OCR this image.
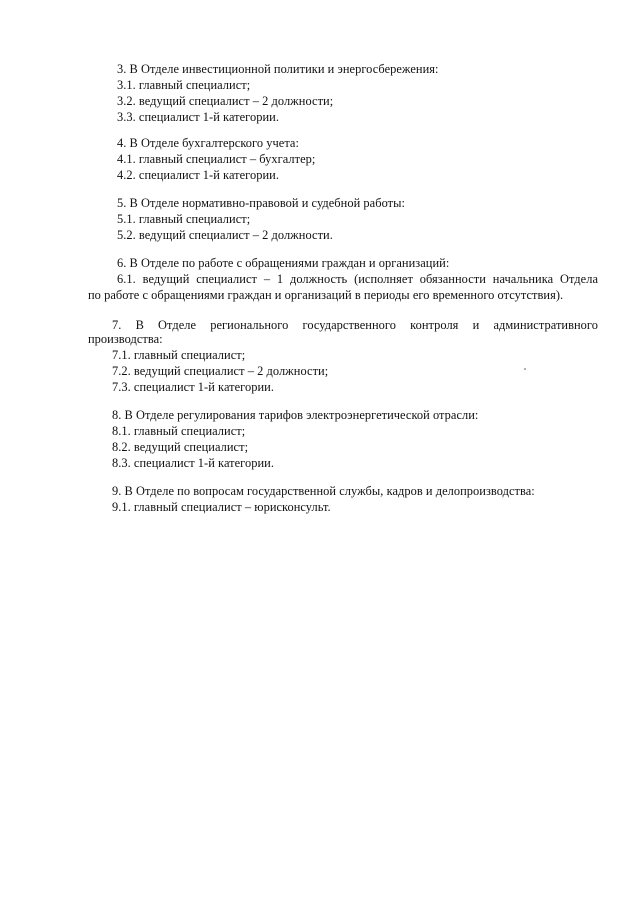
3. В Отделе инвестиционной политики и энергосбережения:
3.1. главный специалист;
3.2. ведущий специалист – 2 должности;
3.3. специалист 1-й категории.
4. В Отделе бухгалтерского учета:
4.1. главный специалист – бухгалтер;
4.2. специалист 1-й категории.
5. В Отделе нормативно-правовой и судебной работы:
5.1. главный специалист;
5.2. ведущий специалист – 2 должности.
6. В Отделе по работе с обращениями граждан и организаций:
6.1. ведущий специалист – 1 должность (исполняет обязанности начальника Отдела
по работе с обращениями граждан и организаций в периоды его временного отсутствия).
7. В Отделе регионального государственного контроля и административного
производства:
7.1. главный специалист;
7.2. ведущий специалист – 2 должности;
7.3. специалист 1-й категории.
8. В Отделе регулирования тарифов электроэнергетической отрасли:
8.1. главный специалист;
8.2. ведущий специалист;
8.3. специалист 1-й категории.
9. В Отделе по вопросам государственной службы, кадров и делопроизводства:
9.1. главный специалист – юрисконсульт.
